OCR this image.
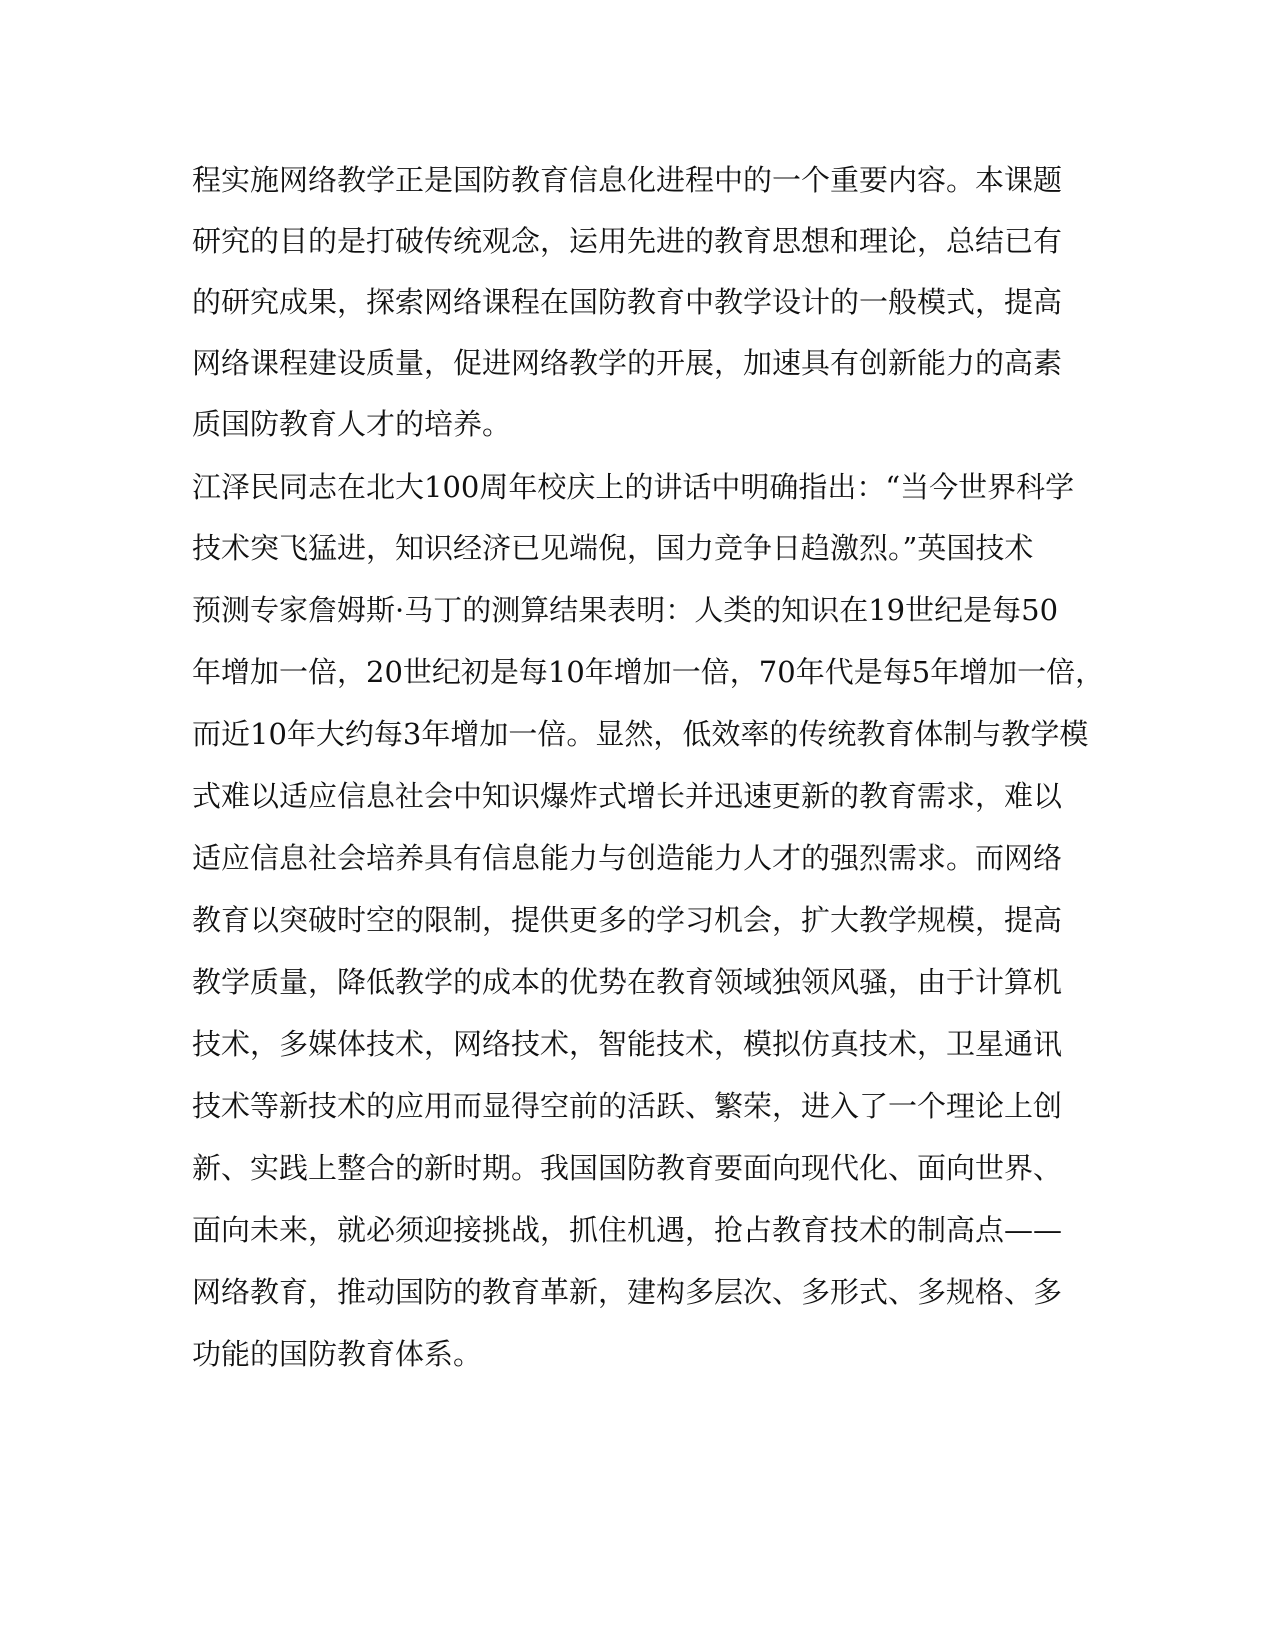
程实施网络教学正是国防教育信息化进程中的一个重要内容。本课题
研究的目的是打破传统观念，运用先进的教育思想和理论，总结已有
的研究成果，探索网络课程在国防教育中教学设计的一般模式，提高
网络课程建设质量，促进网络教学的开展，加速具有创新能力的高素
质国防教育人才的培养。
江泽民同志在北大100周年校庆上的讲话中明确指出：“当今世界科学
技术突飞猛进，知识经济已见端倪，国力竞争日趋激烈。”英国技术
预测专家詹姆斯·马丁的测算结果表明：人类的知识在19世纪是每50
年增加一倍，20世纪初是每10年增加一倍，70年代是每5年增加一倍，
而近10年大约每3年增加一倍。显然，低效率的传统教育体制与教学模
式难以适应信息社会中知识爆炸式增长并迅速更新的教育需求，难以
适应信息社会培养具有信息能力与创造能力人才的强烈需求。而网络
教育以突破时空的限制，提供更多的学习机会，扩大教学规模，提高
教学质量，降低教学的成本的优势在教育领域独领风骚，由于计算机
技术，多媒体技术，网络技术，智能技术，模拟仿真技术，卫星通讯
技术等新技术的应用而显得空前的活跃、繁荣，进入了一个理论上创
新、实践上整合的新时期。我国国防教育要面向现代化、面向世界、
面向未来，就必须迎接挑战，抓住机遇，抢占教育技术的制高点——
网络教育，推动国防的教育革新，建构多层次、多形式、多规格、多
功能的国防教育体系。
